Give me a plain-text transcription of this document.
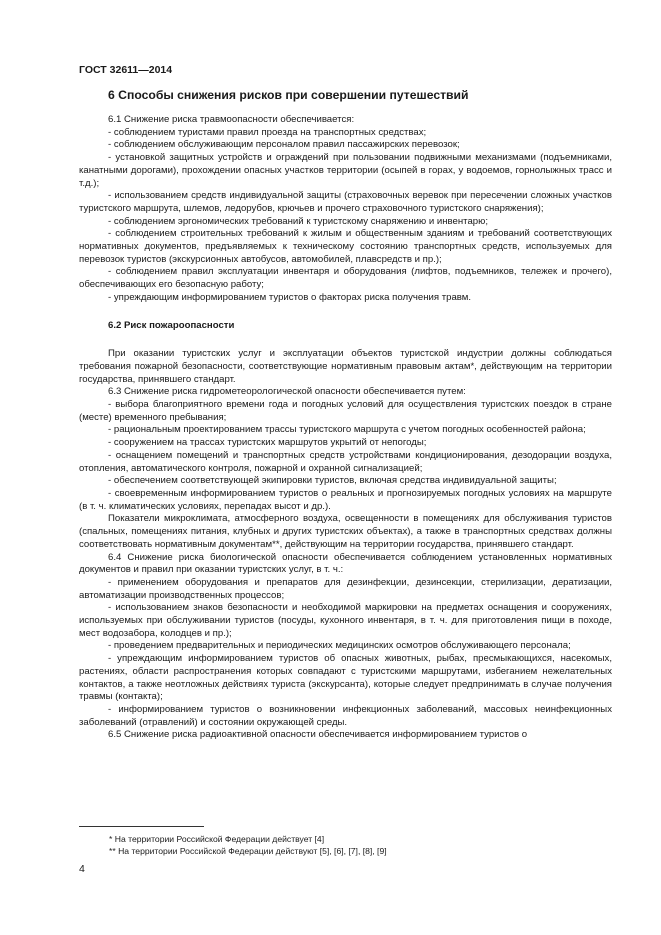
ГОСТ 32611—2014

6 Способы снижения рисков при совершении путешествий

6.1 Снижение риска травмоопасности обеспечивается:

- соблюдением туристами правил проезда на транспортных средствах;

- соблюдением обслуживающим персоналом правил пассажирских перевозок;

- установкой защитных устройств и ограждений при пользовании подвижными механизмами (подъемниками, канатными дорогами), прохождении опасных участков территории (осыпей в горах, у водоемов, горнолыжных трасс и т.д.);

- использованием средств индивидуальной защиты (страховочных веревок при пересечении сложных участков туристского маршрута, шлемов, ледорубов, крючьев и прочего страховочного туристского снаряжения);

- соблюдением эргономических требований к туристскому снаряжению и инвентарю;

- соблюдением строительных требований к жилым и общественным зданиям и требований соответствующих нормативных документов, предъявляемых к техническому состоянию транспортных средств, используемых для перевозок туристов (экскурсионных автобусов, автомобилей, плавсредств и пр.);

- соблюдением правил эксплуатации инвентаря и оборудования (лифтов, подъемников, тележек и прочего), обеспечивающих его безопасную работу;

- упреждающим информированием туристов о факторах риска получения травм.

6.2 Риск пожароопасности

При оказании туристских услуг и эксплуатации объектов туристской индустрии должны соблюдаться требования пожарной безопасности, соответствующие нормативным правовым актам*, действующим на территории государства, принявшего стандарт.

6.3 Снижение риска гидрометеорологической опасности обеспечивается путем:

- выбора благоприятного времени года и погодных условий для осуществления туристских поездок в стране (месте) временного пребывания;

- рациональным проектированием трассы туристского маршрута с учетом погодных особенностей района;

- сооружением на трассах туристских маршрутов укрытий от непогоды;

- оснащением помещений и транспортных средств устройствами кондиционирования, дезодорации воздуха, отопления, автоматического контроля, пожарной и охранной сигнализацией;

- обеспечением соответствующей экипировки туристов, включая средства индивидуальной защиты;

- своевременным информированием туристов о реальных и прогнозируемых погодных условиях на маршруте (в т. ч. климатических условиях, перепадах высот и др.).

Показатели микроклимата, атмосферного воздуха, освещенности в помещениях для обслуживания туристов (спальных, помещениях питания, клубных и других туристских объектах), а также в транспортных средствах должны соответствовать нормативным документам**, действующим на территории государства, принявшего стандарт.

6.4 Снижение риска биологической опасности обеспечивается соблюдением установленных нормативных документов и правил при оказании туристских услуг, в т. ч.:

- применением оборудования и препаратов для дезинфекции, дезинсекции, стерилизации, дератизации, автоматизации производственных процессов;

- использованием знаков безопасности и необходимой маркировки на предметах оснащения и сооружениях, используемых при обслуживании туристов (посуды, кухонного инвентаря, в т. ч. для приготовления пищи в походе, мест водозабора, колодцев и пр.);

- проведением предварительных и периодических медицинских осмотров обслуживающего персонала;

- упреждающим информированием туристов об опасных животных, рыбах, пресмыкающихся, насекомых, растениях, области распространения которых совпадают с туристскими маршрутами, избеганием нежелательных контактов, а также неотложных действиях туриста (экскурсанта), которые следует предпринимать в случае получения травмы (контакта);

- информированием туристов о возникновении инфекционных заболеваний, массовых неинфекционных заболеваний (отравлений) и состоянии окружающей среды.

6.5 Снижение риска радиоактивной опасности обеспечивается информированием туристов о

* На территории Российской Федерации действует [4]

** На территории Российской Федерации действуют [5], [6], [7], [8], [9]

4
